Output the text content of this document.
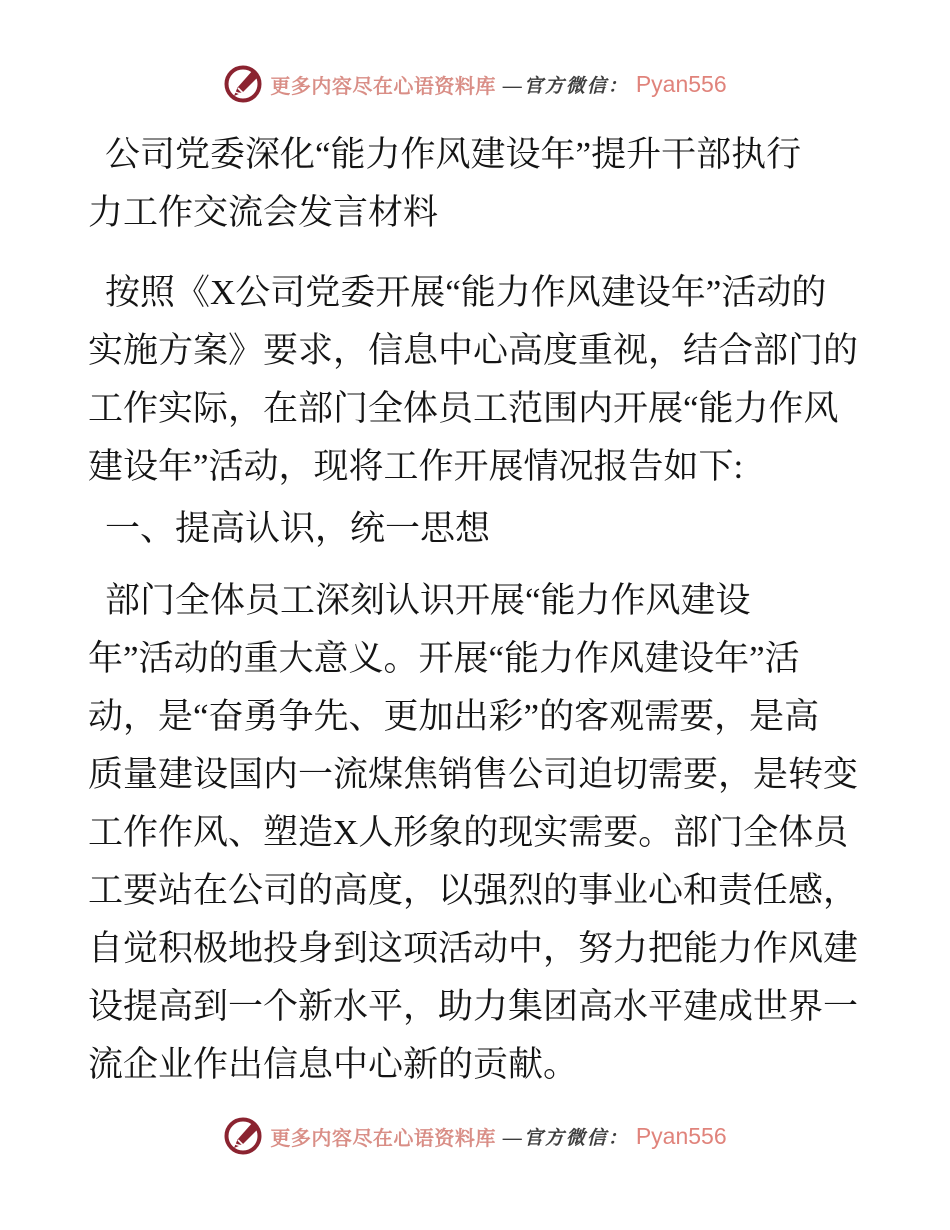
更多内容尽在心语资料库 —官方微信： Pyan556
公司党委深化“能力作风建设年”提升干部执行
力工作交流会发言材料
按照《X公司党委开展“能力作风建设年”活动的
实施方案》要求，信息中心高度重视，结合部门的
工作实际，在部门全体员工范围内开展“能力作风
建设年”活动，现将工作开展情况报告如下:
一、提高认识，统一思想
部门全体员工深刻认识开展“能力作风建设
年”活动的重大意义。开展“能力作风建设年”活
动，是“奋勇争先、更加出彩”的客观需要，是高
质量建设国内一流煤焦销售公司迫切需要，是转变
工作作风、塑造X人形象的现实需要。部门全体员
工要站在公司的高度，以强烈的事业心和责任感，
自觉积极地投身到这项活动中，努力把能力作风建
设提高到一个新水平，助力集团高水平建成世界一
流企业作出信息中心新的贡献。
更多内容尽在心语资料库 —官方微信： Pyan556
